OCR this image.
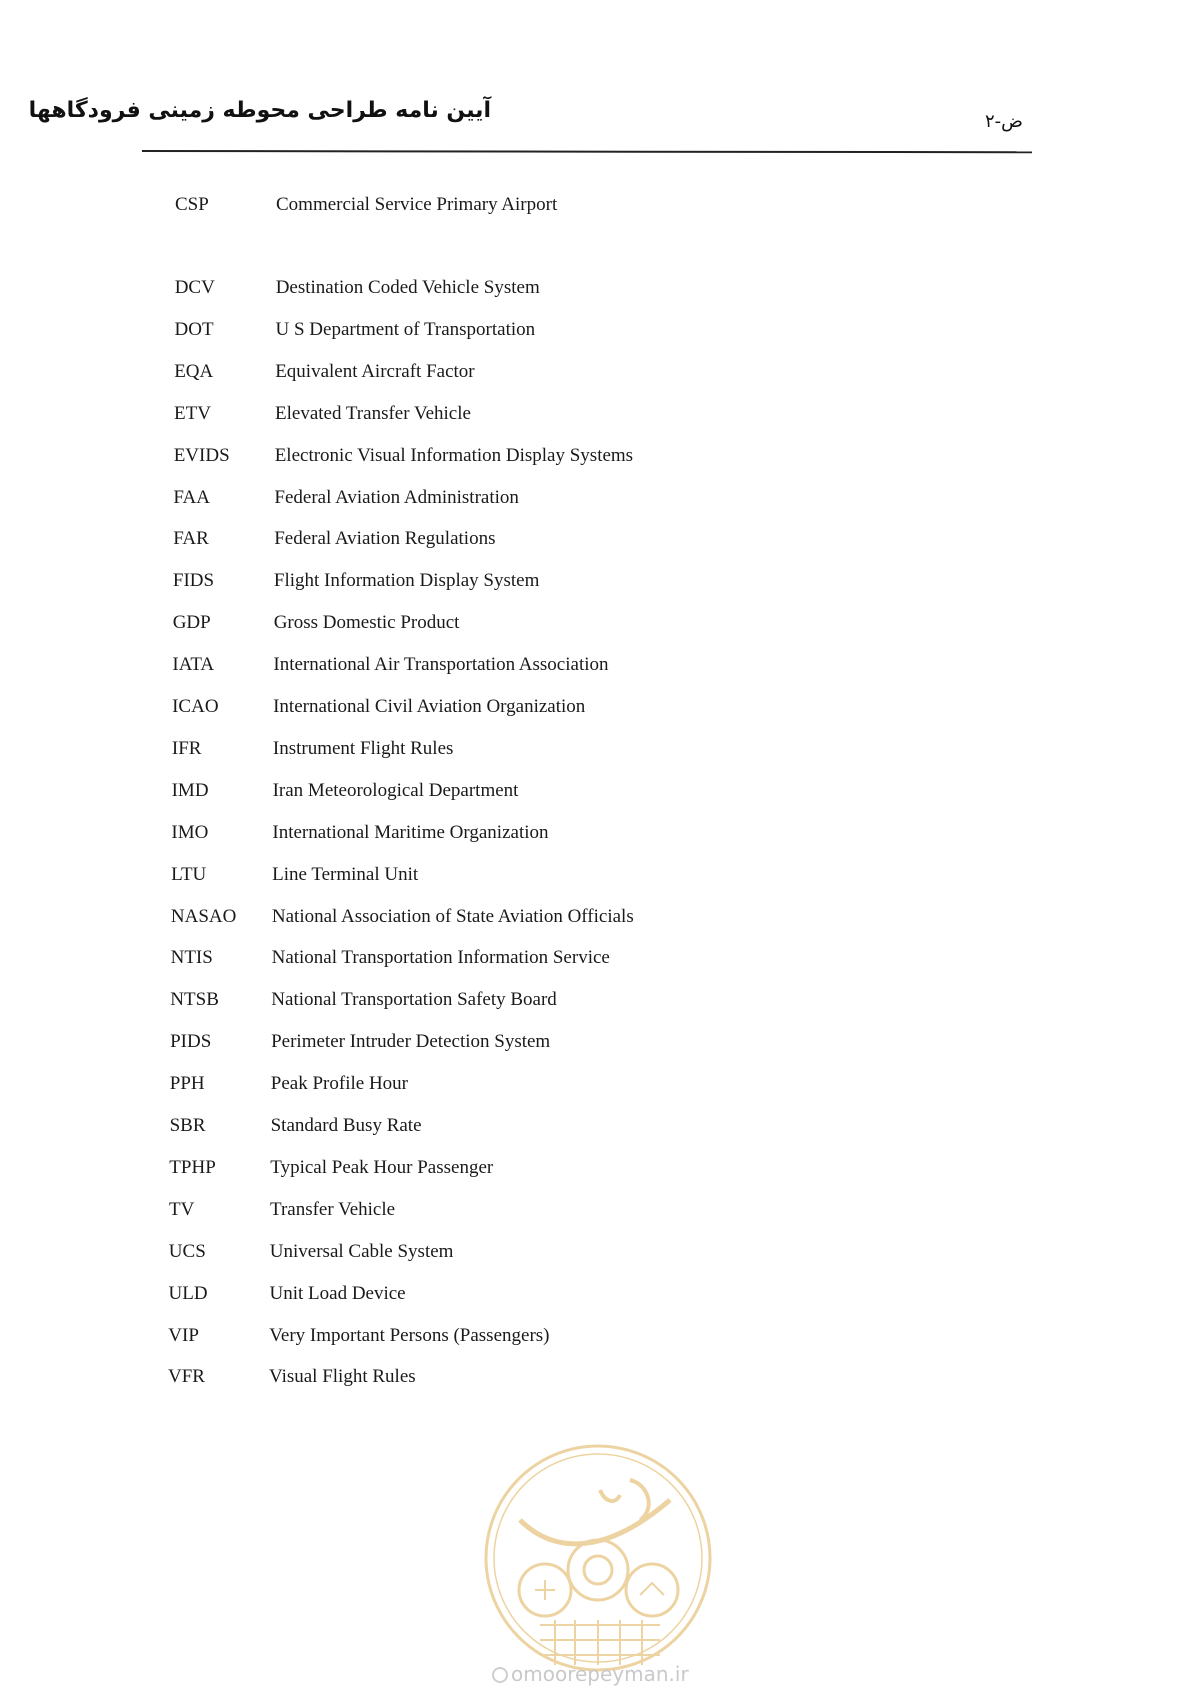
آیین نامه طراحی محوطه زمینی فرودگاهها	ض-۲
CSP	Commercial Service Primary Airport
DCV	Destination Coded Vehicle System
DOT	U S Department of Transportation
EQA	Equivalent Aircraft Factor
ETV	Elevated Transfer Vehicle
EVIDS Electronic Visual Information Display Systems
FAA	Federal Aviation Administration
FAR	Federal Aviation Regulations
FIDS	Flight Information Display System
GDP	Gross Domestic Product
IATA	International Air Transportation Association
ICAO	International Civil Aviation Organization
IFR	Instrument Flight Rules
IMD	Iran Meteorological Department
IMO	International Maritime Organization
LTU	Line Terminal Unit
NASAO National Association of State Aviation Officials
NTIS	National Transportation Information Service
NTSB	National Transportation Safety Board
PIDS	Perimeter Intruder Detection System
PPH	Peak Profile Hour
SBR	Standard Busy Rate
TPHP	Typical Peak Hour Passenger
TV	Transfer Vehicle
UCS	Universal Cable System
ULD	Unit Load Device
VIP	Very Important Persons (Passengers)
VFR	Visual Flight Rules
omoorepeyman.ir
